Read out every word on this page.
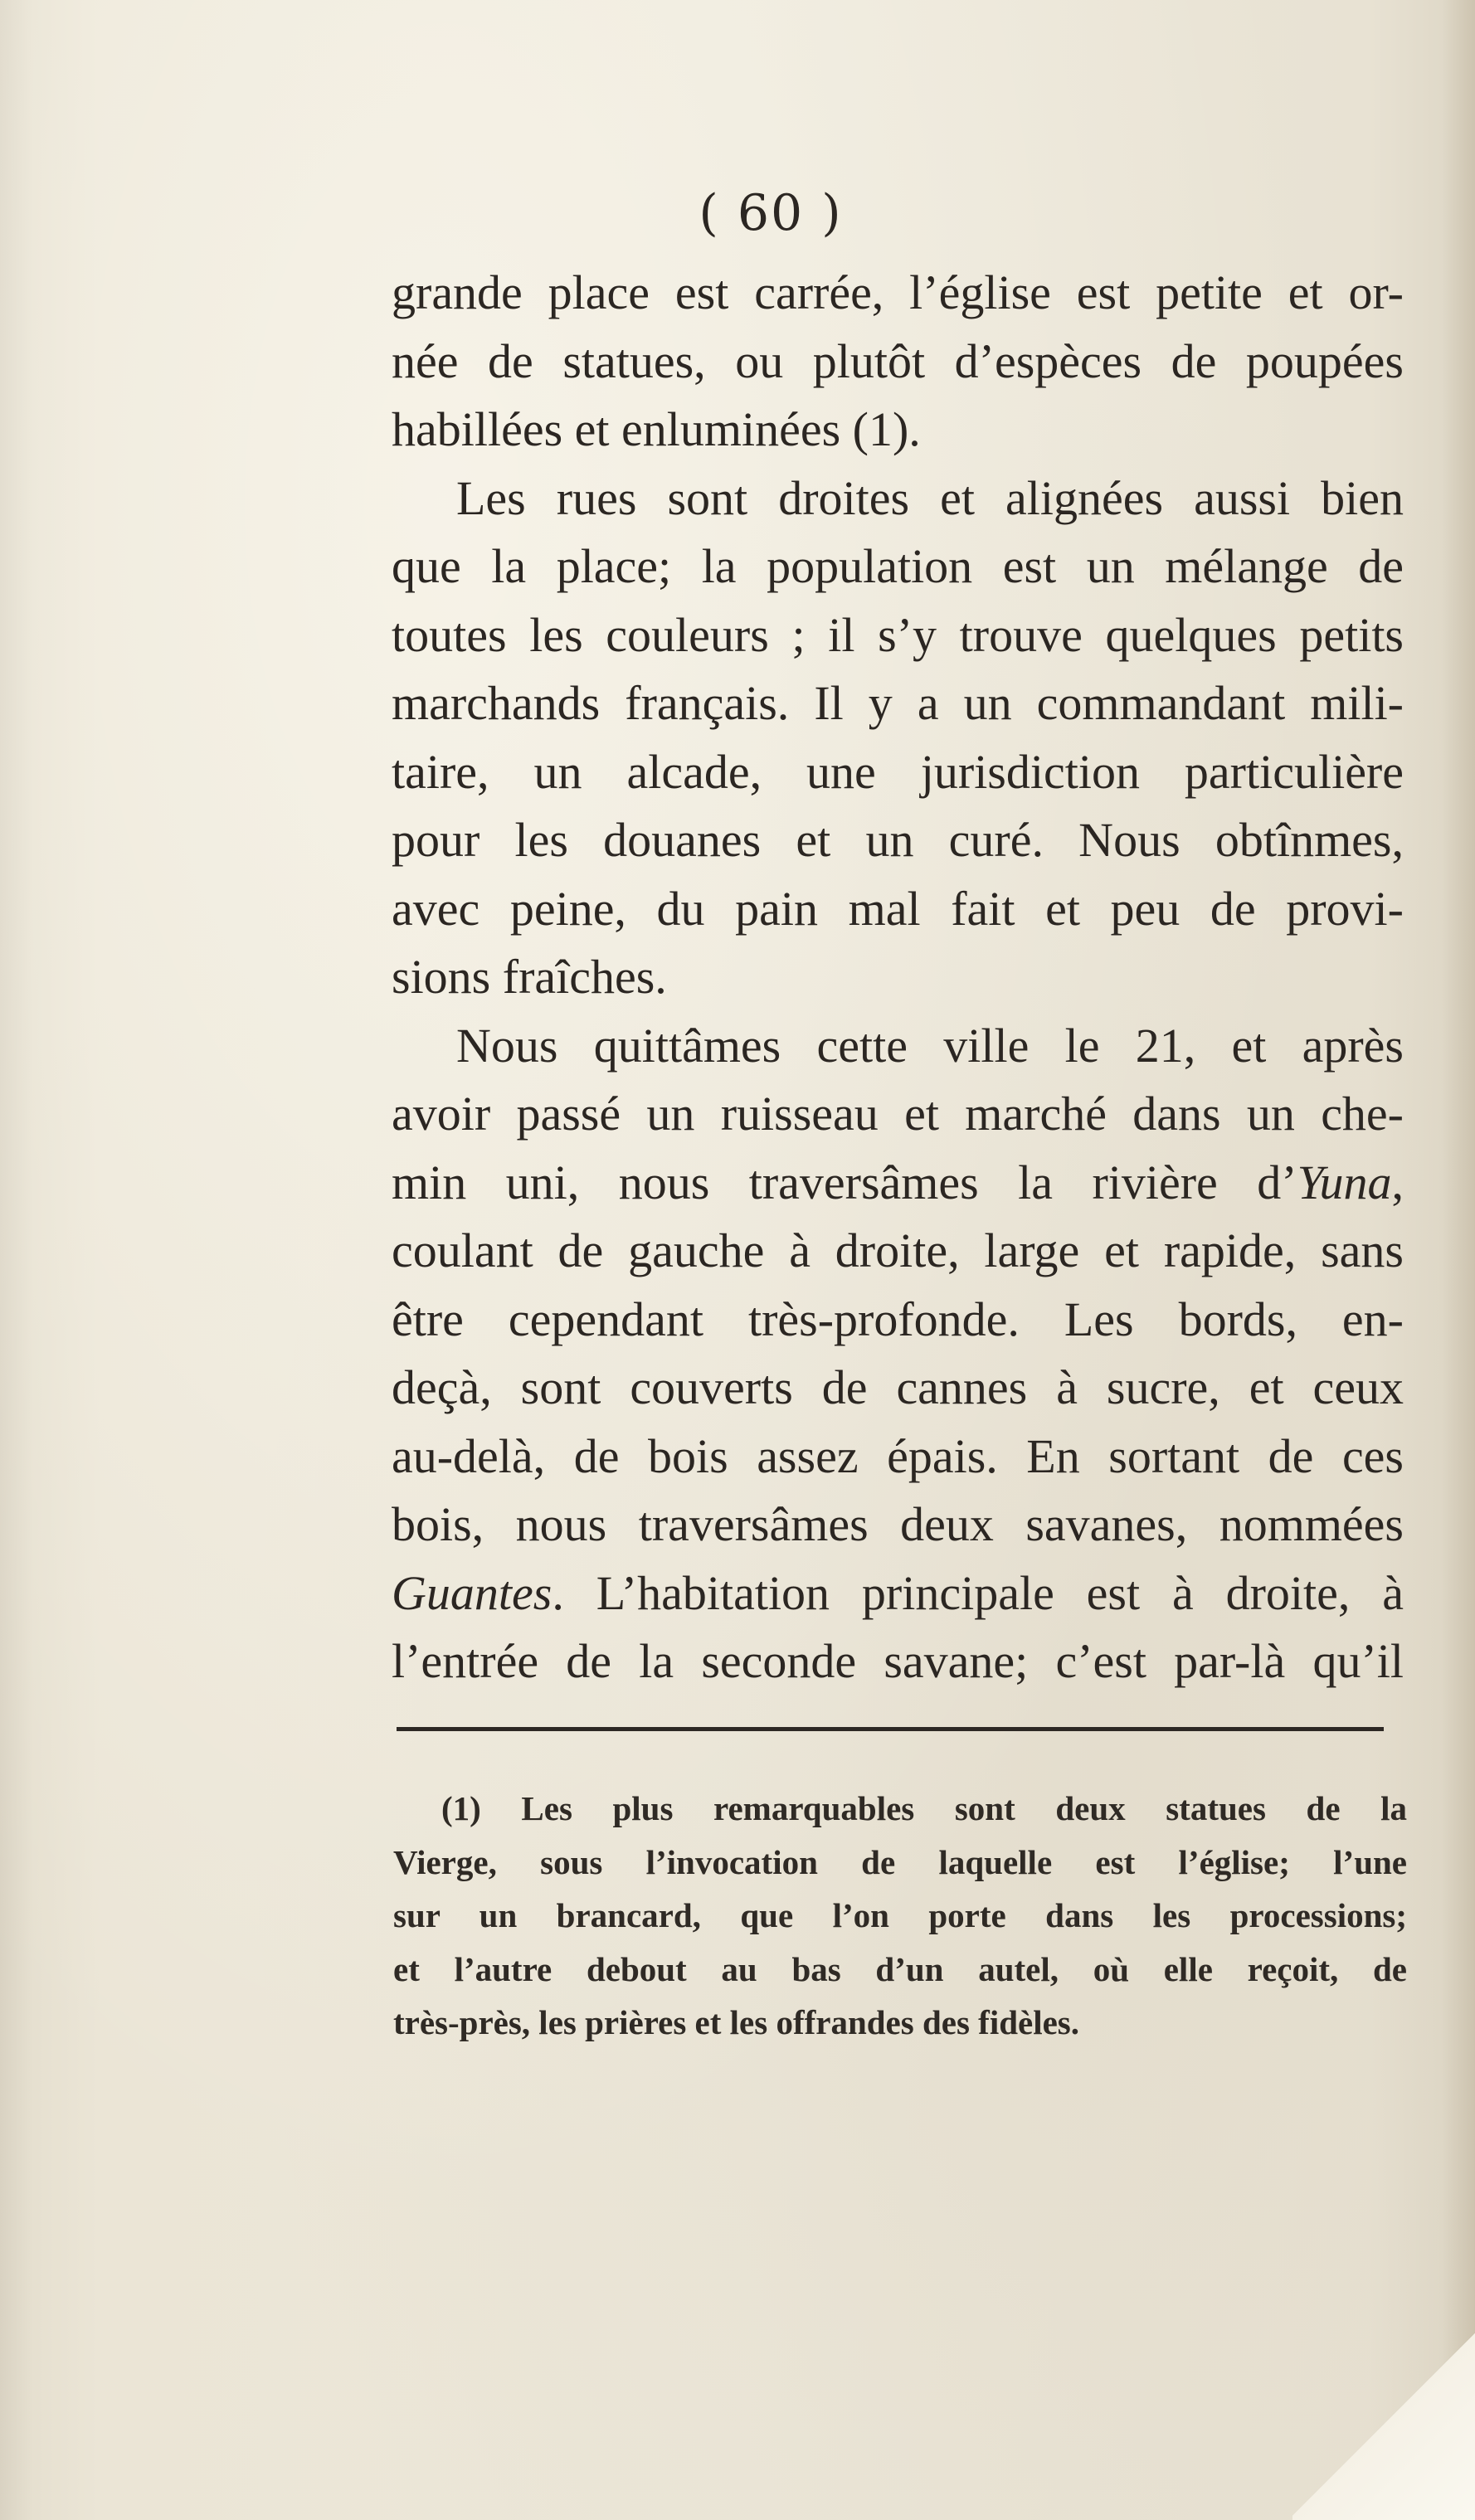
( 60 )
grande place est carrée, l’église est petite et or-
née de statues, ou plutôt d’espèces de poupées
habillées et enluminées (1).
Les rues sont droites et alignées aussi bien
que la place; la population est un mélange de
toutes les couleurs ; il s’y trouve quelques petits
marchands français. Il y a un commandant mili-
taire, un alcade, une jurisdiction particulière
pour les douanes et un curé. Nous obtînmes,
avec peine, du pain mal fait et peu de provi-
sions fraîches.
Nous quittâmes cette ville le 21, et après
avoir passé un ruisseau et marché dans un che-
min uni, nous traversâmes la rivière d’Yuna,
coulant de gauche à droite, large et rapide, sans
être cependant très-profonde. Les bords, en-
deçà, sont couverts de cannes à sucre, et ceux
au-delà, de bois assez épais. En sortant de ces
bois, nous traversâmes deux savanes, nommées
Guantes. L’habitation principale est à droite, à
l’entrée de la seconde savane; c’est par-là qu’il
(1) Les plus remarquables sont deux statues de la
Vierge, sous l’invocation de laquelle est l’église; l’une
sur un brancard, que l’on porte dans les processions;
et l’autre debout au bas d’un autel, où elle reçoit, de
très-près, les prières et les offrandes des fidèles.
